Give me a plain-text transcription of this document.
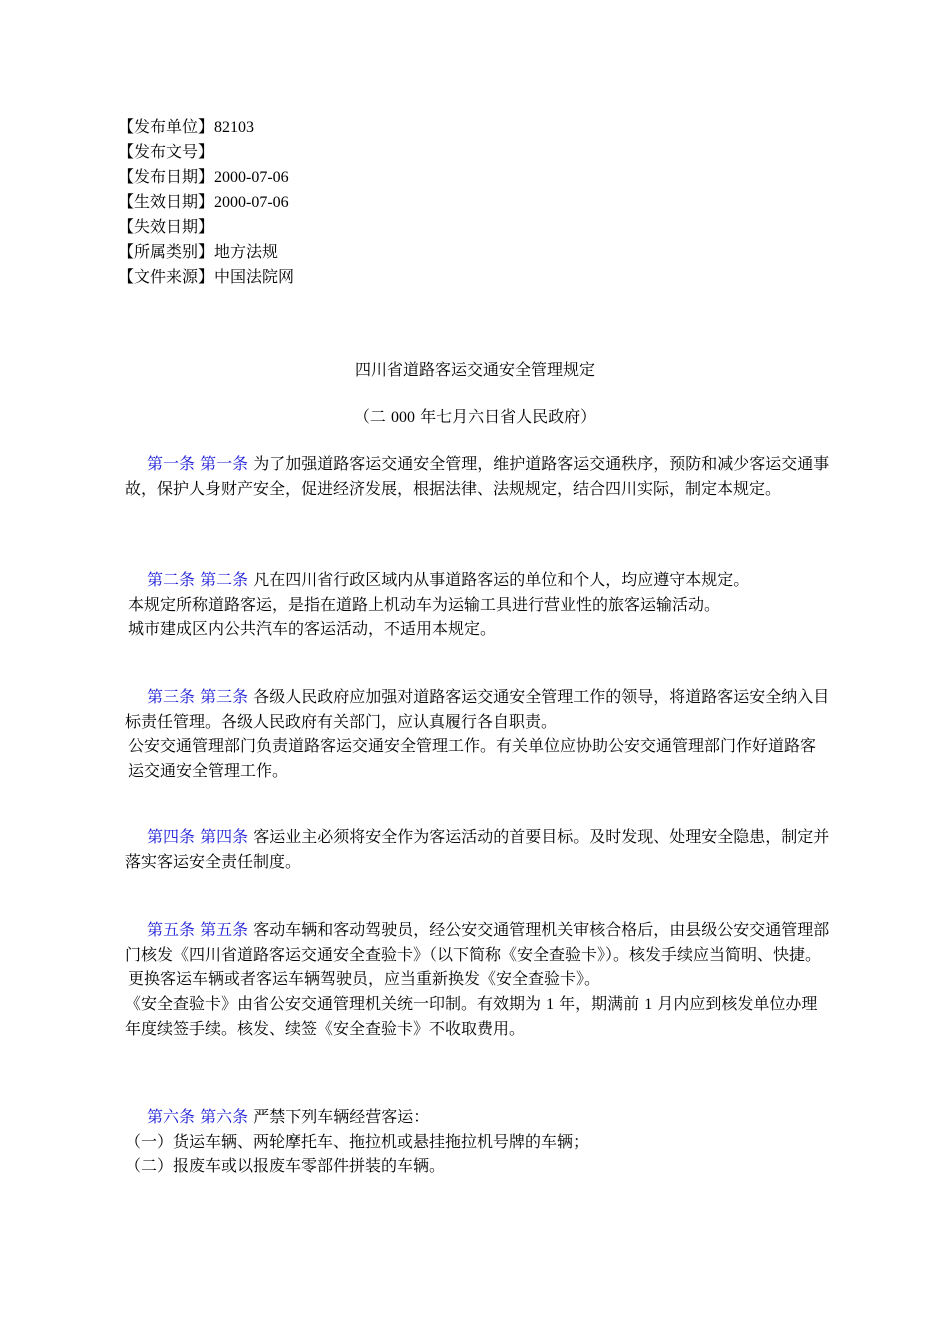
【发布单位】82103
【发布文号】
【发布日期】2000-07-06
【生效日期】2000-07-06
【失效日期】
【所属类别】地方法规
【文件来源】中国法院网
四川省道路客运交通安全管理规定
（二 000 年七月六日省人民政府）

第一条 第一条 为了加强道路客运交通安全管理，维护道路客运交通秩序，预防和减少客运交通事故，保护人身财产安全，促进经济发展，根据法律、法规规定，结合四川实际，制定本规定。

第二条 第二条 凡在四川省行政区域内从事道路客运的单位和个人，均应遵守本规定。

本规定所称道路客运，是指在道路上机动车为运输工具进行营业性的旅客运输活动。

城市建成区内公共汽车的客运活动，不适用本规定。

第三条 第三条 各级人民政府应加强对道路客运交通安全管理工作的领导，将道路客运安全纳入目标责任管理。各级人民政府有关部门，应认真履行各自职责。

公安交通管理部门负责道路客运交通安全管理工作。有关单位应协助公安交通管理部门作好道路客运交通安全管理工作。

第四条 第四条 客运业主必须将安全作为客运活动的首要目标。及时发现、处理安全隐患，制定并落实客运安全责任制度。

第五条 第五条 客动车辆和客动驾驶员，经公安交通管理机关审核合格后，由县级公安交通管理部门核发《四川省道路客运交通安全查验卡》（以下简称《安全查验卡》）。核发手续应当简明、快捷。

更换客运车辆或者客运车辆驾驶员，应当重新换发《安全查验卡》。

《安全查验卡》由省公安交通管理机关统一印制。有效期为 1 年，期满前 1 月内应到核发单位办理年度续签手续。核发、续签《安全查验卡》不收取费用。

第六条 第六条 严禁下列车辆经营客运：

（一）货运车辆、两轮摩托车、拖拉机或悬挂拖拉机号牌的车辆；

（二）报废车或以报废车零部件拼装的车辆。
